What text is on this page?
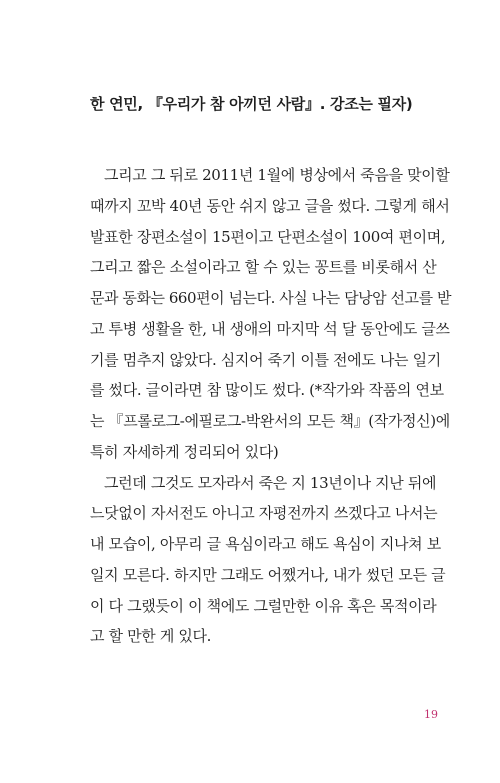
한 연민, 『우리가 참 아끼던 사람』. 강조는 필자)
그리고 그 뒤로 2011년 1월에 병상에서 죽음을 맞이할
때까지 꼬박 40년 동안 쉬지 않고 글을 썼다. 그렇게 해서
발표한 장편소설이 15편이고 단편소설이 100여 편이며,
그리고 짧은 소설이라고 할 수 있는 꽁트를 비롯해서 산
문과 동화는 660편이 넘는다. 사실 나는 담낭암 선고를 받
고 투병 생활을 한, 내 생애의 마지막 석 달 동안에도 글쓰
기를 멈추지 않았다. 심지어 죽기 이틀 전에도 나는 일기
를 썼다. 글이라면 참 많이도 썼다. (*작가와 작품의 연보
는 『프롤로그-에필로그-박완서의 모든 책』(작가정신)에
특히 자세하게 정리되어 있다)
그런데 그것도 모자라서 죽은 지 13년이나 지난 뒤에
느닷없이 자서전도 아니고 자평전까지 쓰겠다고 나서는
내 모습이, 아무리 글 욕심이라고 해도 욕심이 지나쳐 보
일지 모른다. 하지만 그래도 어쨌거나, 내가 썼던 모든 글
이 다 그랬듯이 이 책에도 그럴만한 이유 혹은 목적이라
고 할 만한 게 있다.
19
